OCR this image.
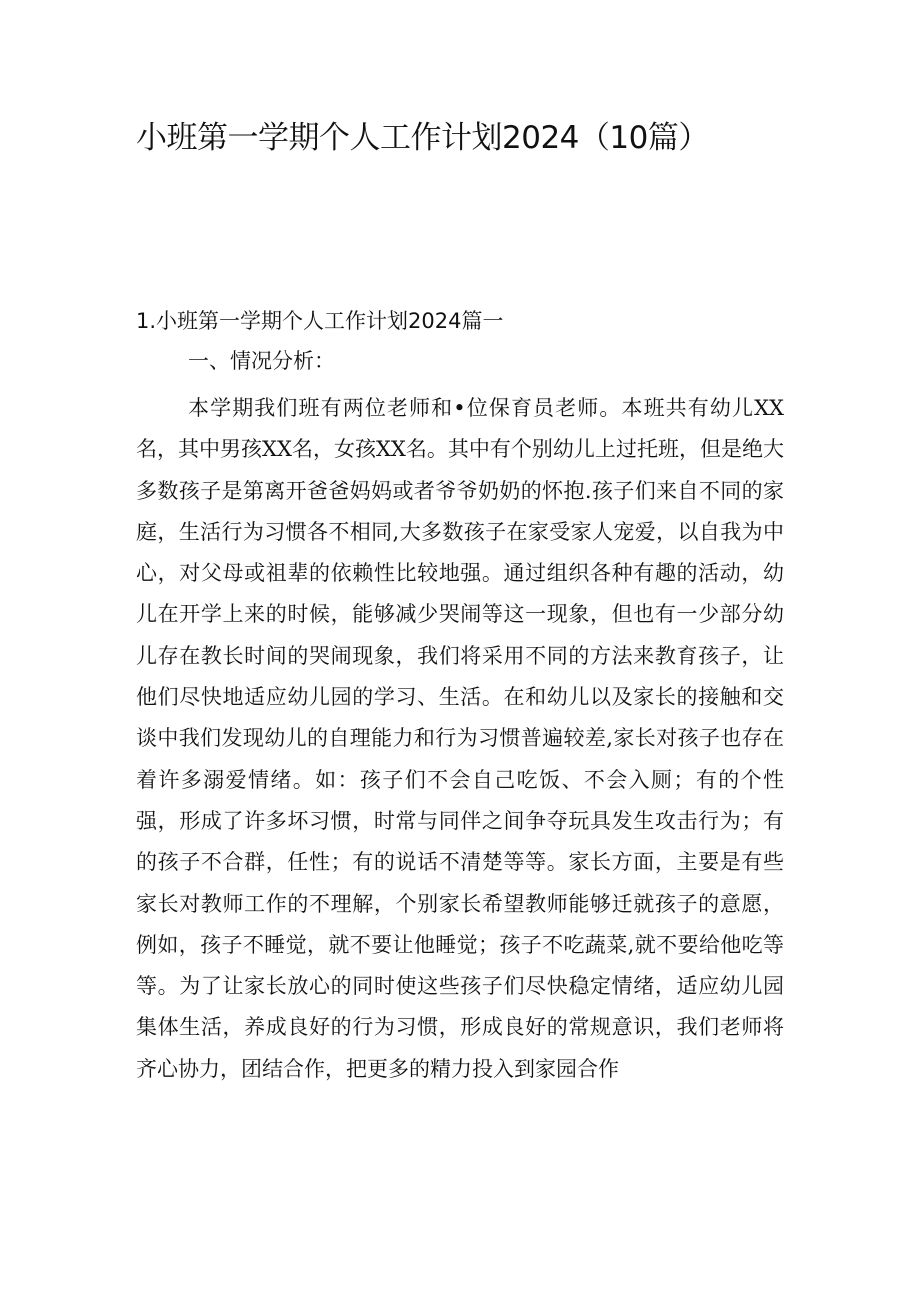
小班第一学期个人工作计划2024（10篇）
1.小班第一学期个人工作计划2024篇一

一、情况分析：

本学期我们班有两位老师和•位保育员老师。本班共有幼儿XX名，其中男孩XX名，女孩XX名。其中有个别幼儿上过托班，但是绝大多数孩子是第离开爸爸妈妈或者爷爷奶奶的怀抱.孩子们来自不同的家庭，生活行为习惯各不相同,大多数孩子在家受家人宠爱，以自我为中心，对父母或祖辈的依赖性比较地强。通过组织各种有趣的活动，幼儿在开学上来的时候，能够减少哭闹等这一现象，但也有一少部分幼儿存在教长时间的哭闹现象，我们将采用不同的方法来教育孩子，让他们尽快地适应幼儿园的学习、生活。在和幼儿以及家长的接触和交谈中我们发现幼儿的自理能力和行为习惯普遍较差,家长对孩子也存在着许多溺爱情绪。如：孩子们不会自己吃饭、不会入厕；有的个性强，形成了许多坏习惯，时常与同伴之间争夺玩具发生攻击行为；有的孩子不合群，任性；有的说话不清楚等等。家长方面，主要是有些家长对教师工作的不理解，个别家长希望教师能够迁就孩子的意愿，例如，孩子不睡觉，就不要让他睡觉；孩子不吃蔬菜,就不要给他吃等等。为了让家长放心的同时使这些孩子们尽快稳定情绪，适应幼儿园集体生活，养成良好的行为习惯，形成良好的常规意识，我们老师将齐心协力，团结合作，把更多的精力投入到家园合作
